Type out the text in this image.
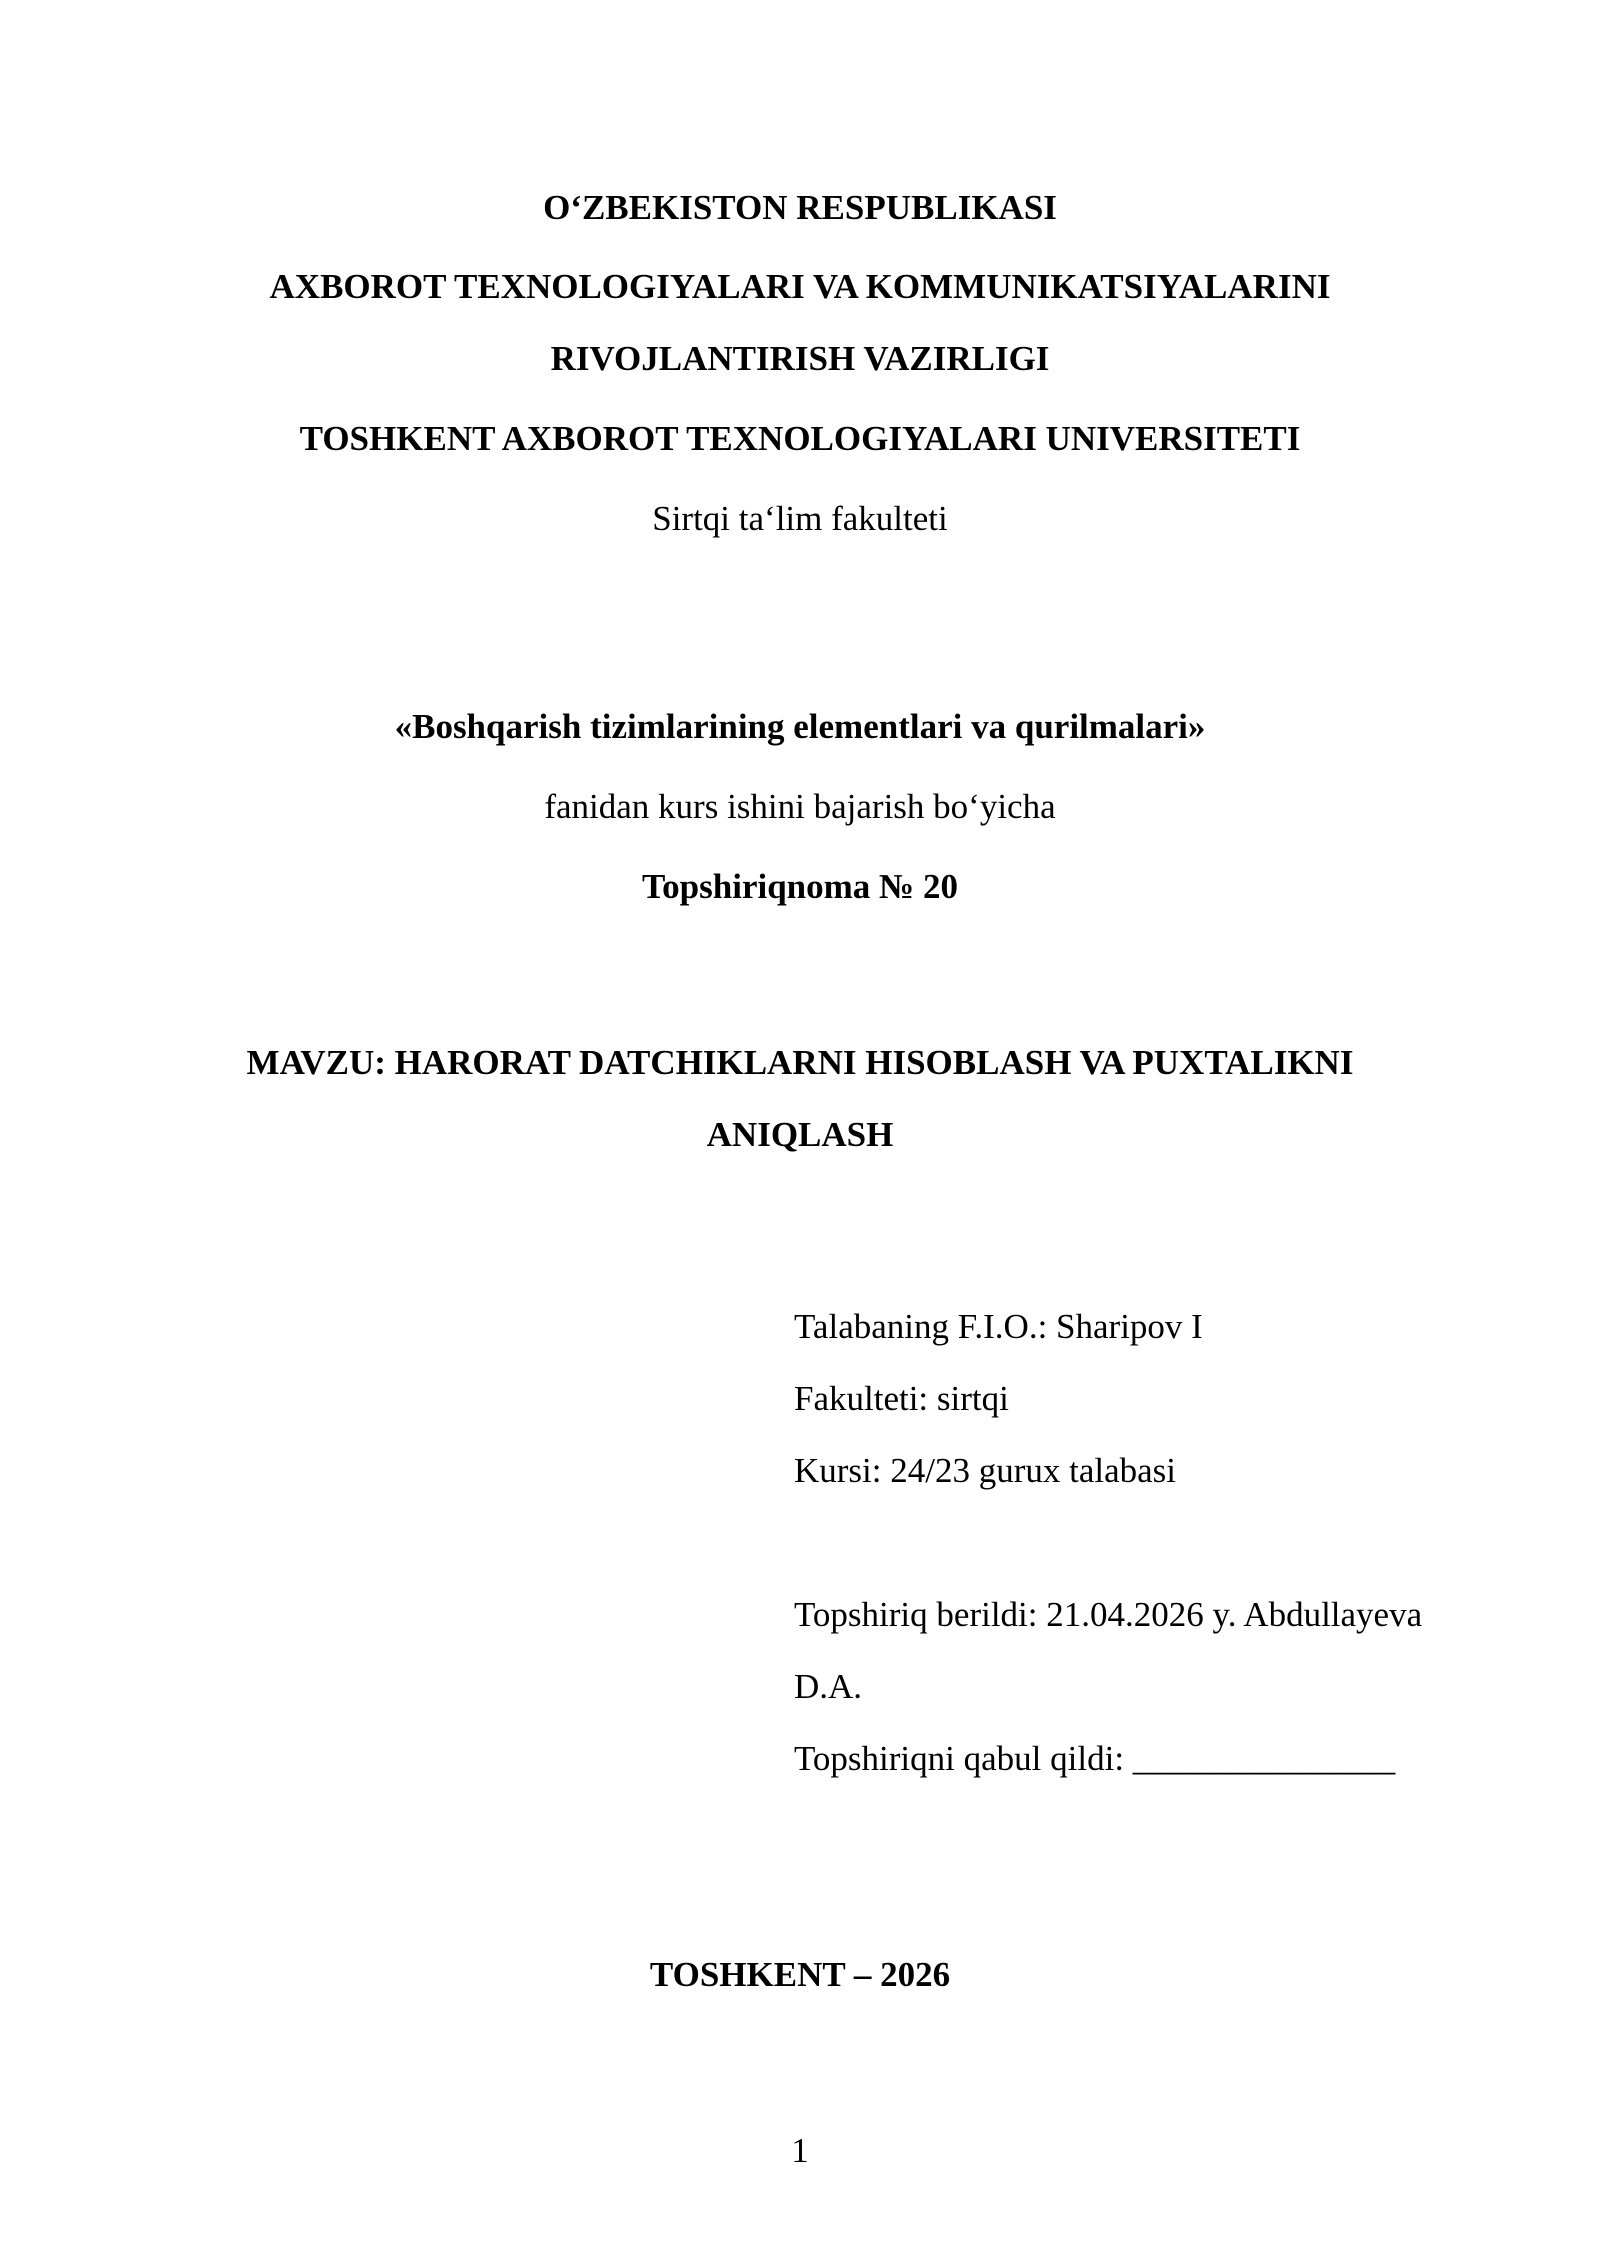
O‘ZBEKISTON RESPUBLIKASI
AXBOROT TEXNOLOGIYALARI VA KOMMUNIKATSIYALARINI
RIVOJLANTIRISH VAZIRLIGI
TOSHKENT AXBOROT TEXNOLOGIYALARI UNIVERSITETI
Sirtqi ta‘lim fakulteti
«Boshqarish tizimlarining elementlari va qurilmalari»
fanidan kurs ishini bajarish bo‘yicha
Topshiriqnoma № 20
MAVZU: HARORAT DATCHIKLARNI HISOBLASH VA PUXTALIKNI
ANIQLASH
Talabaning F.I.O.: Sharipov I
Fakulteti: sirtqi
Kursi: 24/23 gurux talabasi
Topshiriq berildi: 21.04.2026 y. Abdullayeva
D.A.
Topshiriqni qabul qildi: _______________
TOSHKENT – 2026
1
